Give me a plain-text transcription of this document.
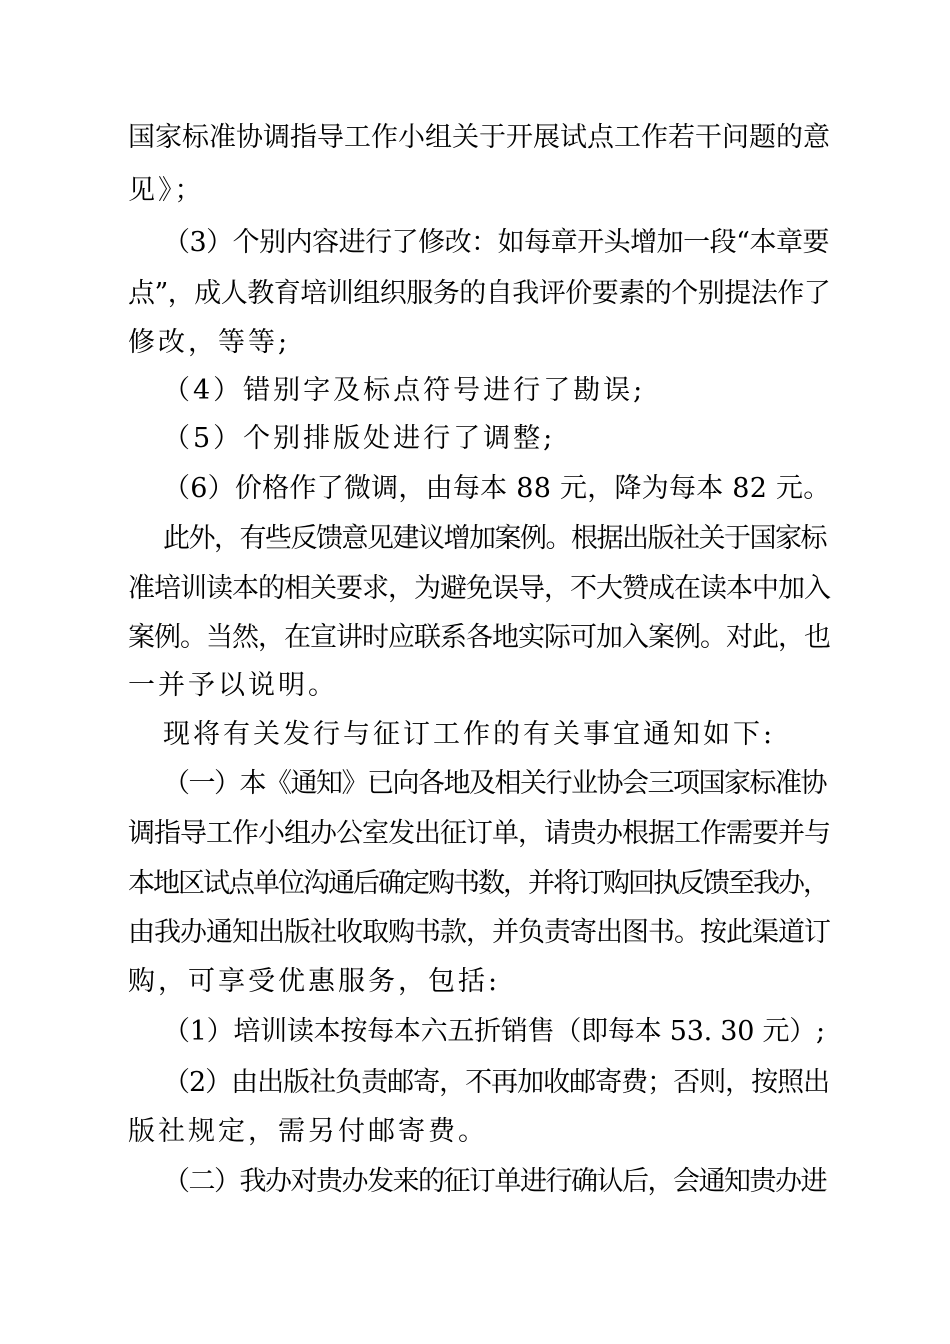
国家标准协调指导工作小组关于开展试点工作若干问题的意
见》；
（3）个别内容进行了修改：如每章开头增加一段“本章要
点”，成人教育培训组织服务的自我评价要素的个别提法作了
修改，等等;
（4）错别字及标点符号进行了勘误;
（5）个别排版处进行了调整;
（6）价格作了微调，由每本 88 元，降为每本 82 元。
此外，有些反馈意见建议增加案例。根据出版社关于国家标
准培训读本的相关要求，为避免误导，不大赞成在读本中加入
案例。当然，在宣讲时应联系各地实际可加入案例。对此，也
一并予以说明。
现将有关发行与征订工作的有关事宜通知如下:
（一）本《通知》已向各地及相关行业协会三项国家标准协
调指导工作小组办公室发出征订单，请贵办根据工作需要并与
本地区试点单位沟通后确定购书数，并将订购回执反馈至我办，
由我办通知出版社收取购书款，并负责寄出图书。按此渠道订
购，可享受优惠服务，包括:
（1）培训读本按每本六五折销售（即每本 53. 30 元）;
（2）由出版社负责邮寄，不再加收邮寄费；否则，按照出
版社规定，需另付邮寄费。
（二）我办对贵办发来的征订单进行确认后，会通知贵办进
